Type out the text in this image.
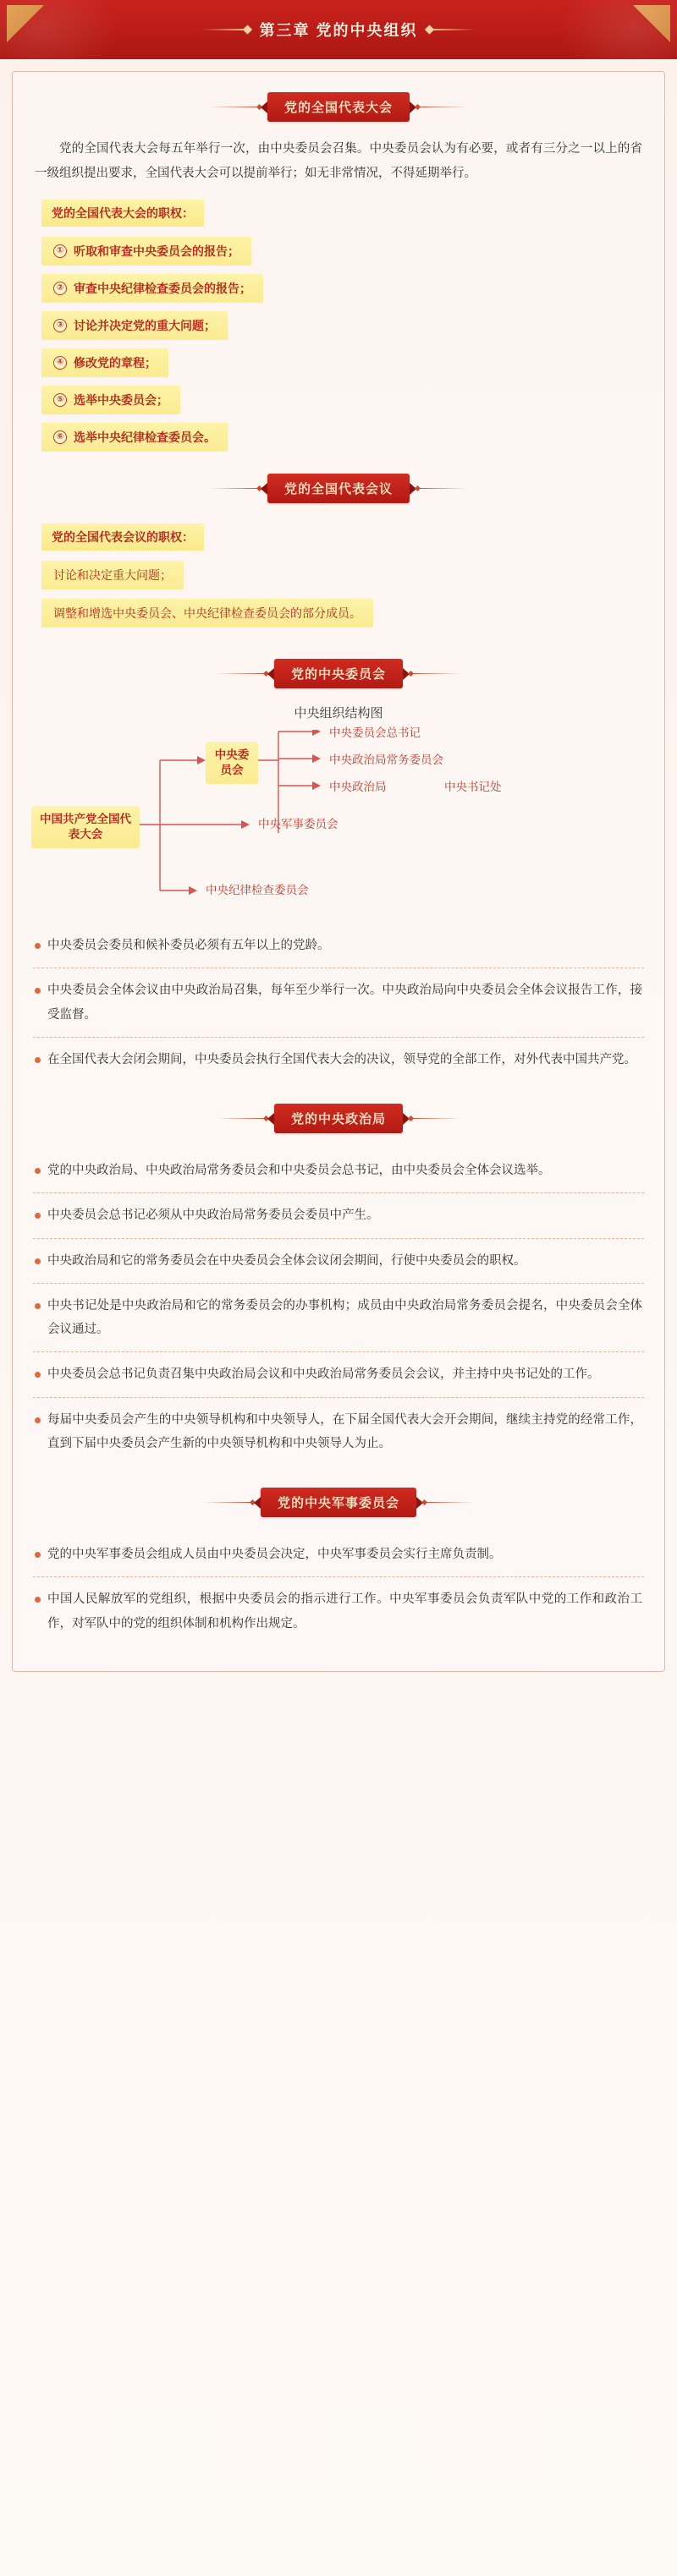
第三章 党的中央组织
党的全国代表大会

党的全国代表大会每五年举行一次，由中央委员会召集。中央委员会认为有必要，或者有三分之一以上的省一级组织提出要求，全国代表大会可以提前举行；如无非常情况，不得延期举行。

党的全国代表大会的职权：
① 听取和审查中央委员会的报告；
② 审查中央纪律检查委员会的报告；
③ 讨论并决定党的重大问题；
④ 修改党的章程；
⑤ 选举中央委员会；
⑥ 选举中央纪律检查委员会。
党的全国代表会议
党的全国代表会议的职权：
讨论和决定重大问题；
调整和增选中央委员会、中央纪律检查委员会的部分成员。
党的中央委员会
中央组织结构图
中国共产党全国代表大会
中央委员会
中央军事委员会
中央纪律检查委员会
中央委员会总书记
中央政治局常务委员会
中央政治局	中央书记处
中央委员会委员和候补委员必须有五年以上的党龄。
中央委员会全体会议由中央政治局召集，每年至少举行一次。中央政治局向中央委员会全体会议报告工作，接受监督。
在全国代表大会闭会期间，中央委员会执行全国代表大会的决议，领导党的全部工作，对外代表中国共产党。
党的中央政治局
党的中央政治局、中央政治局常务委员会和中央委员会总书记，由中央委员会全体会议选举。
中央委员会总书记必须从中央政治局常务委员会委员中产生。
中央政治局和它的常务委员会在中央委员会全体会议闭会期间，行使中央委员会的职权。
中央书记处是中央政治局和它的常务委员会的办事机构；成员由中央政治局常务委员会提名，中央委员会全体会议通过。
中央委员会总书记负责召集中央政治局会议和中央政治局常务委员会会议，并主持中央书记处的工作。
每届中央委员会产生的中央领导机构和中央领导人，在下届全国代表大会开会期间，继续主持党的经常工作，直到下届中央委员会产生新的中央领导机构和中央领导人为止。
党的中央军事委员会
党的中央军事委员会组成人员由中央委员会决定，中央军事委员会实行主席负责制。
中国人民解放军的党组织，根据中央委员会的指示进行工作。中央军事委员会负责军队中党的工作和政治工作，对军队中的党的组织体制和机构作出规定。
